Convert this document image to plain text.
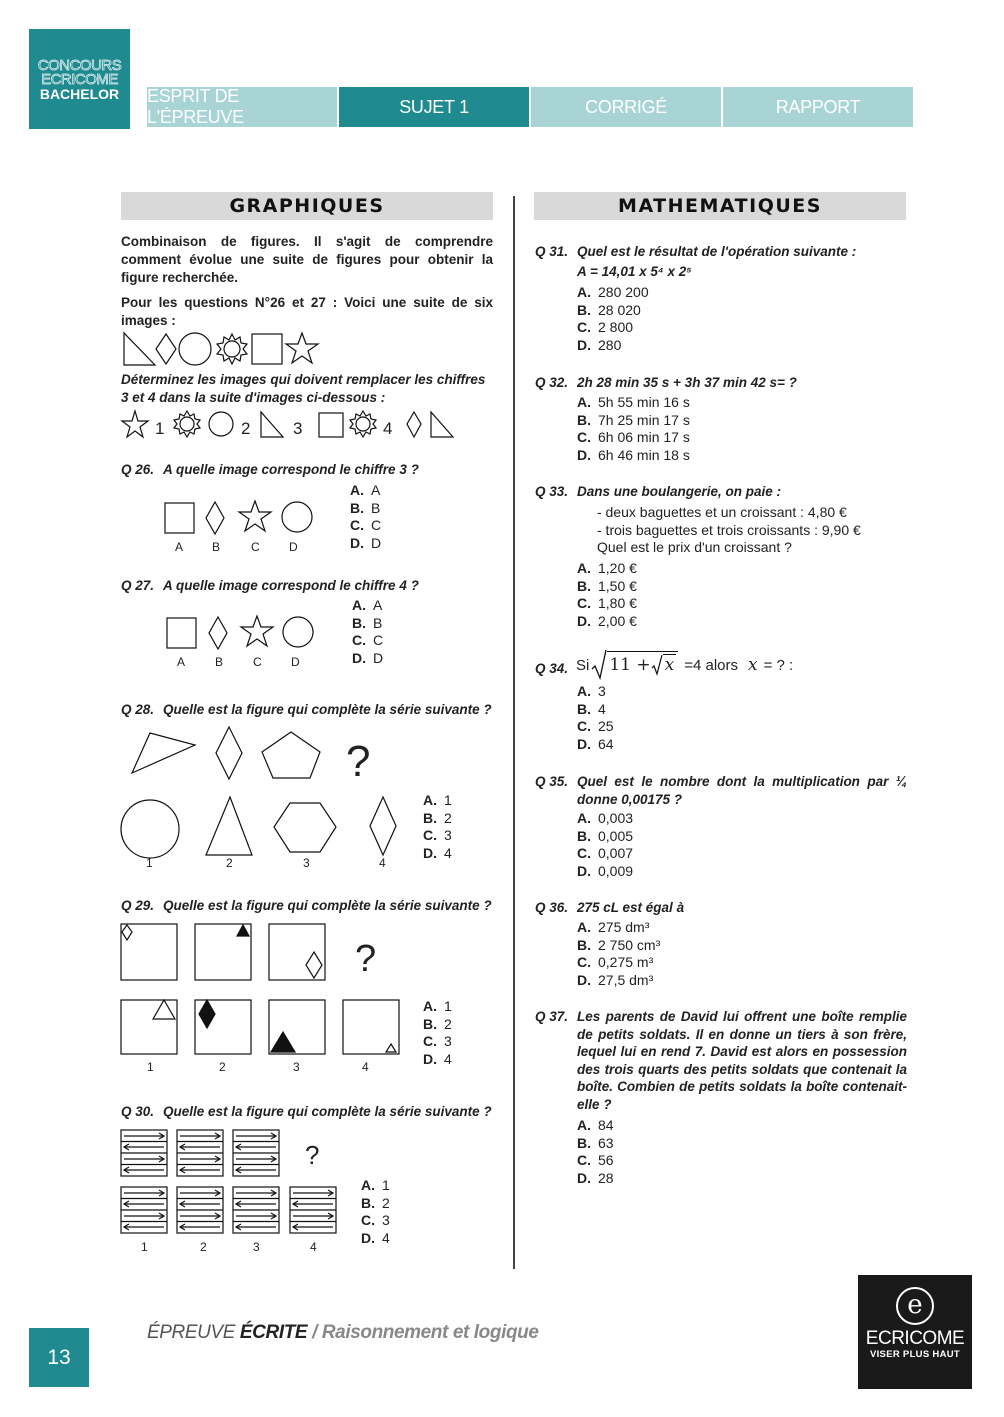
CONCOURS
ECRICOME
BACHELOR	ESPRIT DE L'ÉPREUVE
SUJET 1	CORRIGÉ	RAPPORT
GRAPHIQUES	MATHEMATIQUES
Combinaison de figures. Il s'agit de comprendre comment évolue une suite de figures pour obtenir la figure recherchée.
Pour les questions N°26 et 27 : Voici une suite de six images :
Déterminez les images qui doivent remplacer les chiffres 3 et 4 dans la suite d'images ci-dessous :
1	2	3	4
Q 26. A quelle image correspond le chiffre 3 ?
A B	C D
A. A
B. B
C. C
D. D
Q 27. A quelle image correspond le chiffre 4 ?
A B C D
A. A
B. B
C. C
D. D
Q 28. Quelle est la figure qui complète la série suivante ?
?
1	2	3	4
A. 1
B. 2
C. 3
D. 4
Q 29. Quelle est la figure qui complète la série suivante ?
?
1	2	3	4
A. 1
B. 2
C. 3
D. 4
Q 30. Quelle est la figure qui complète la série suivante ?
?
1	2	3	4
A. 1
B. 2
C. 3
D. 4
Q 31. Quel est le résultat de l'opération suivante :
A = 14,01 x 5⁴ x 2⁵
A. 280 200
B. 28 020
C. 2 800
D. 280
Q 32. 2h 28 min 35 s + 3h 37 min 42 s= ?
A. 5h 55 min 16 s
B. 7h 25 min 17 s
C. 6h 06 min 17 s
D. 6h 46 min 18 s
Q 33. Dans une boulangerie, on paie :
- deux baguettes et un croissant : 4,80 €
- trois baguettes et trois croissants : 9,90 €
Quel est le prix d'un croissant ?
A. 1,20 €
B. 1,50 €
C. 1,80 €
D. 2,00 €
Q 34. Si 11 + x =4 alors x = ? :
A. 3
B. 4
C. 25
D. 64
Q 35. Quel est le nombre dont la multiplication par ¼ donne 0,00175 ?
A. 0,003
B. 0,005
C. 0,007
D. 0,009
Q 36. 275 cL est égal à
A. 275 dm³
B. 2 750 cm³
C. 0,275 m³
D. 27,5 dm³
Q 37. Les parents de David lui offrent une boîte remplie de petits soldats. Il en donne un tiers à son frère, lequel lui en rend 7. David est alors en possession des trois quarts des petits soldats que contenait la boîte. Combien de petits soldats la boîte contenait-elle ?
A. 84
B. 63
C. 56
D. 28
13
ÉPREUVE ÉCRITE / Raisonnement et logique
e
ECRICOME
VISER PLUS HAUT
